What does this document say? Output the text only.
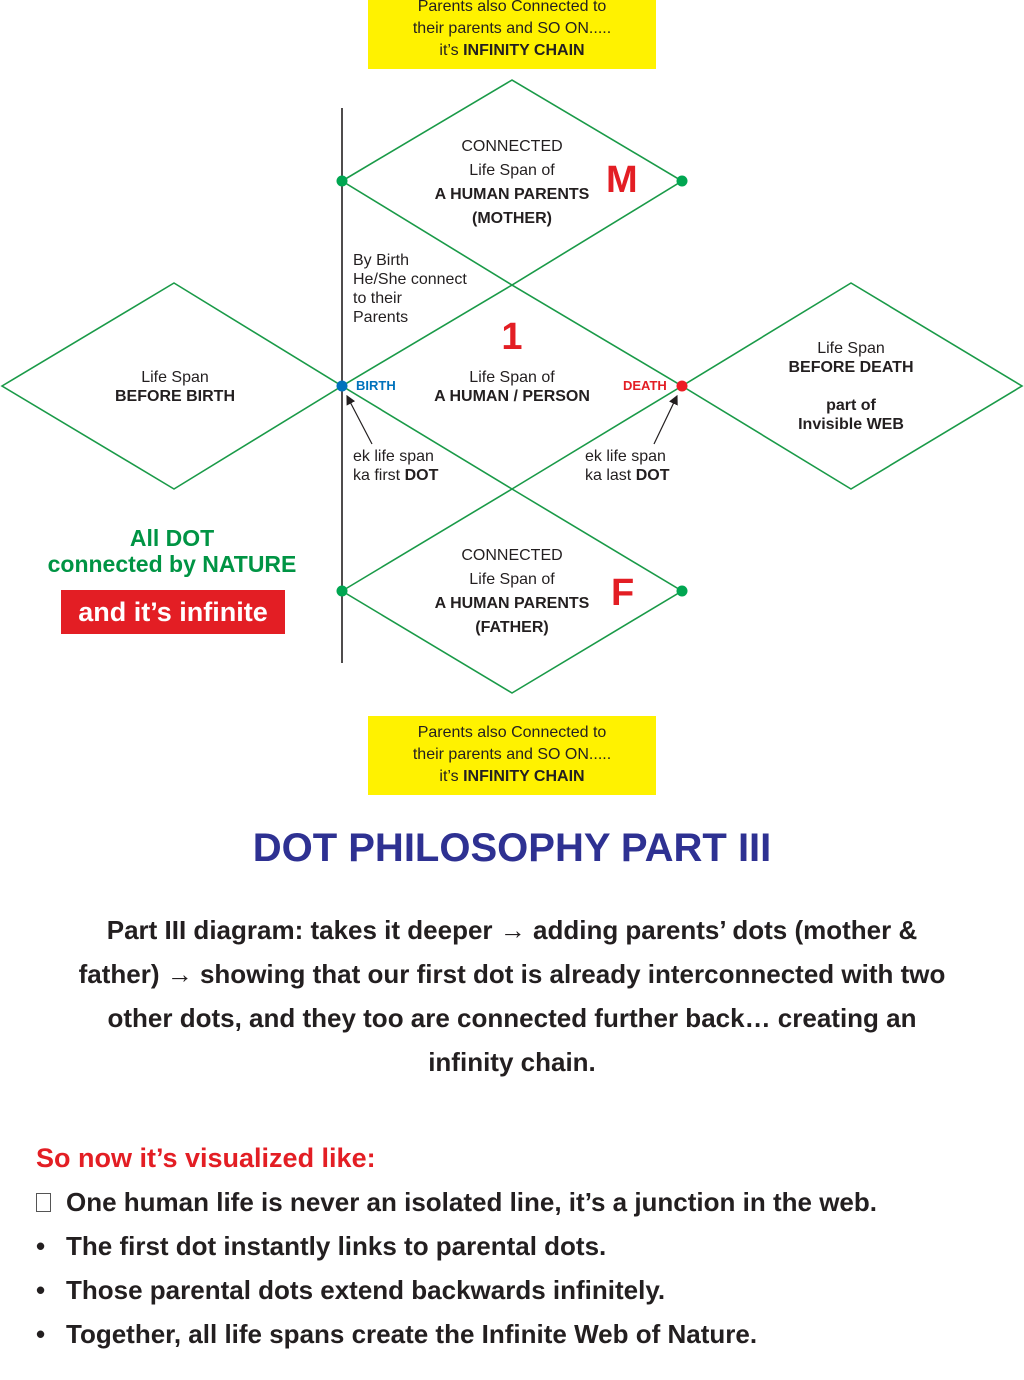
Parents also Connected to
their parents and SO ON.....
it’s INFINITY CHAIN
CONNECTED
Life Span of
A HUMAN PARENTS
(MOTHER)
M
By Birth
He/She connect
to their
Parents	1
Life Span of
A HUMAN / PERSON
Life Span
BEFORE BIRTH
Life Span
BEFORE DEATH
part of
Invisible WEB
BIRTH	DEATH
ek life span
ka first DOT
ek life span
ka last DOT
All DOT
connected by NATURE
and it’s infinite
CONNECTED
Life Span of
A HUMAN PARENTS
(FATHER)
F
Parents also Connected to
their parents and SO ON.....
it’s INFINITY CHAIN
DOT PHILOSOPHY PART III
Part III diagram: takes it deeper → adding parents’ dots (mother &
father) → showing that our first dot is already interconnected with two
other dots, and they too are connected further back… creating an
infinity chain.
So now it’s visualized like:
One human life is never an isolated line, it’s a junction in the web.
• The first dot instantly links to parental dots.
• Those parental dots extend backwards infinitely.
• Together, all life spans create the Infinite Web of Nature.
